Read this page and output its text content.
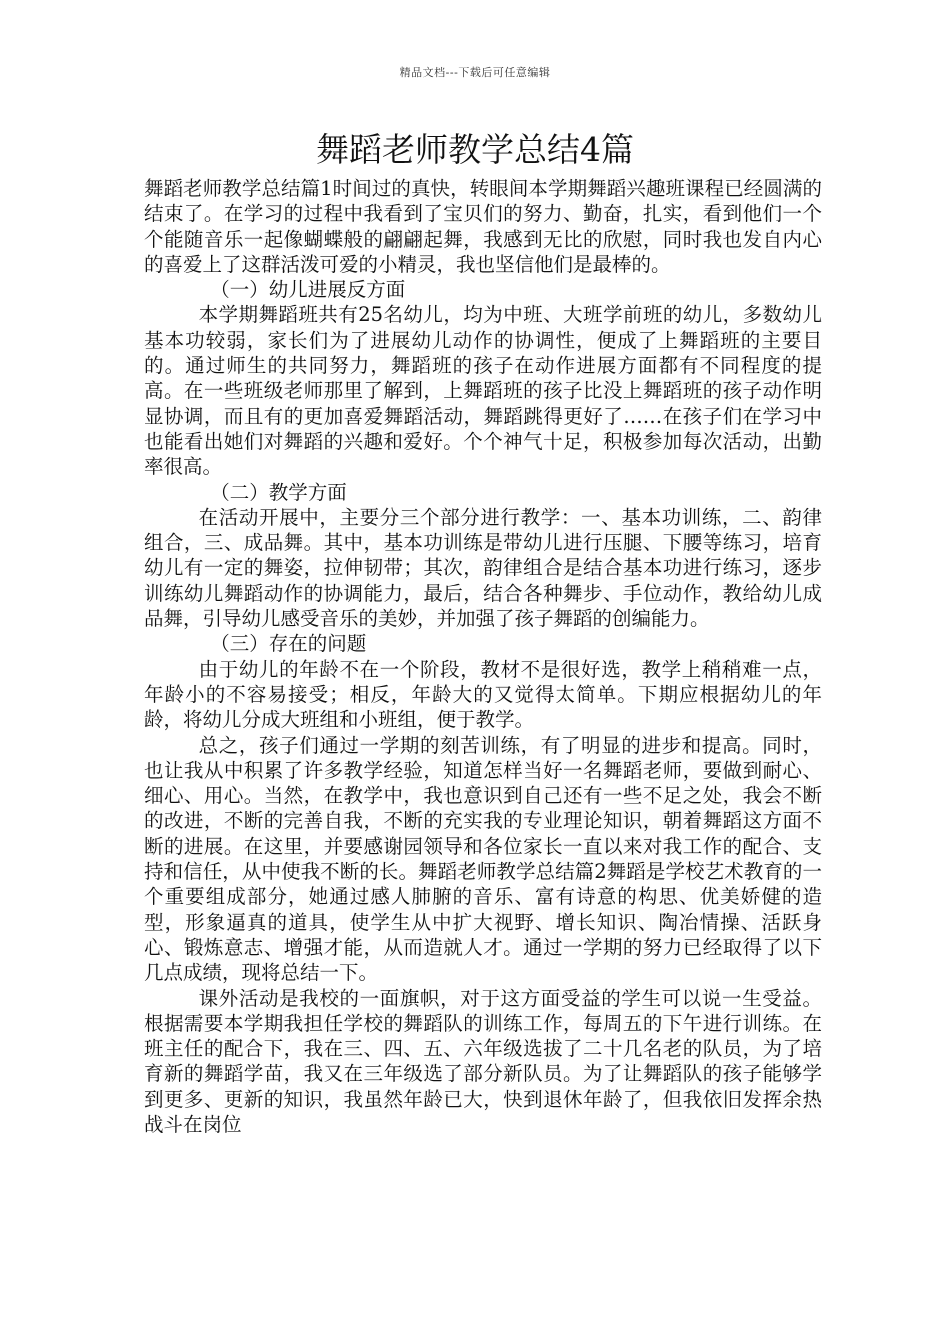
精品文档---下载后可任意编辑
舞蹈老师教学总结4篇

舞蹈老师教学总结篇1时间过的真快，转眼间本学期舞蹈兴趣班课程已经圆满的结束了。在学习的过程中我看到了宝贝们的努力、勤奋，扎实，看到他们一个个能随音乐一起像蝴蝶般的翩翩起舞，我感到无比的欣慰，同时我也发自内心的喜爱上了这群活泼可爱的小精灵，我也坚信他们是最棒的。

（一）幼儿进展反方面

本学期舞蹈班共有25名幼儿，均为中班、大班学前班的幼儿，多数幼儿基本功较弱，家长们为了进展幼儿动作的协调性，便成了上舞蹈班的主要目的。通过师生的共同努力，舞蹈班的孩子在动作进展方面都有不同程度的提高。在一些班级老师那里了解到，上舞蹈班的孩子比没上舞蹈班的孩子动作明显协调，而且有的更加喜爱舞蹈活动，舞蹈跳得更好了……在孩子们在学习中也能看出她们对舞蹈的兴趣和爱好。个个神气十足，积极参加每次活动，出勤率很高。

（二）教学方面

在活动开展中，主要分三个部分进行教学：一、基本功训练，二、韵律组合，三、成品舞。其中，基本功训练是带幼儿进行压腿、下腰等练习，培育幼儿有一定的舞姿，拉伸韧带；其次，韵律组合是结合基本功进行练习，逐步训练幼儿舞蹈动作的协调能力，最后，结合各种舞步、手位动作，教给幼儿成品舞，引导幼儿感受音乐的美妙，并加强了孩子舞蹈的创编能力。

（三）存在的问题

由于幼儿的年龄不在一个阶段，教材不是很好选，教学上稍稍难一点，年龄小的不容易接受；相反，年龄大的又觉得太简单。下期应根据幼儿的年龄，将幼儿分成大班组和小班组，便于教学。

总之，孩子们通过一学期的刻苦训练，有了明显的进步和提高。同时，也让我从中积累了许多教学经验，知道怎样当好一名舞蹈老师，要做到耐心、细心、用心。当然，在教学中，我也意识到自己还有一些不足之处，我会不断的改进，不断的完善自我，不断的充实我的专业理论知识，朝着舞蹈这方面不断的进展。在这里，并要感谢园领导和各位家长一直以来对我工作的配合、支持和信任，从中使我不断的长。舞蹈老师教学总结篇2舞蹈是学校艺术教育的一个重要组成部分，她通过感人肺腑的音乐、富有诗意的构思、优美娇健的造型，形象逼真的道具，使学生从中扩大视野、增长知识、陶冶情操、活跃身心、锻炼意志、增强才能，从而造就人才。通过一学期的努力已经取得了以下几点成绩，现将总结一下。

课外活动是我校的一面旗帜，对于这方面受益的学生可以说一生受益。根据需要本学期我担任学校的舞蹈队的训练工作，每周五的下午进行训练。在班主任的配合下，我在三、四、五、六年级选拔了二十几名老的队员，为了培育新的舞蹈学苗，我又在三年级选了部分新队员。为了让舞蹈队的孩子能够学到更多、更新的知识，我虽然年龄已大，快到退休年龄了，但我依旧发挥余热战斗在岗位
